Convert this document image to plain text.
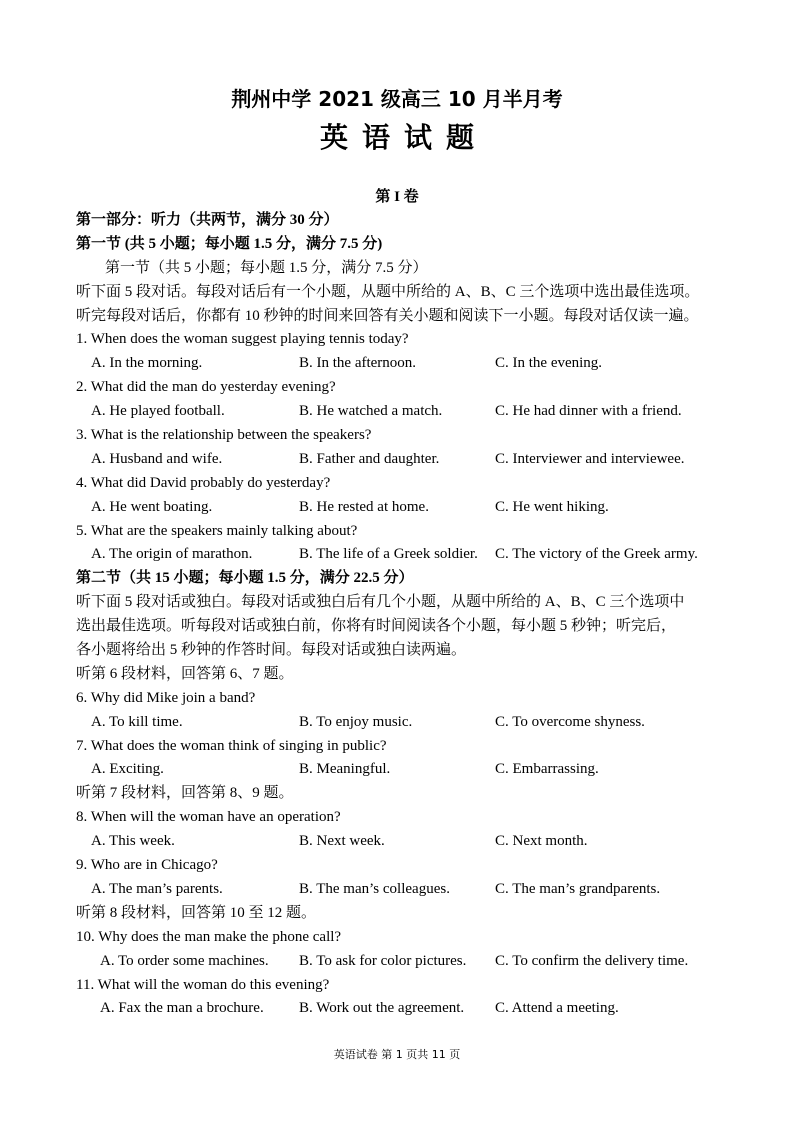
荆州中学 2021 级高三 10 月半月考
英语试题
第 I 卷
第一部分：听力（共两节，满分 30 分）
第一节 (共 5 小题；每小题 1.5 分，满分 7.5 分)
第一节（共 5 小题；每小题 1.5 分，满分 7.5 分）
听下面 5 段对话。每段对话后有一个小题，从题中所给的 A、B、C 三个选项中选出最佳选项。
听完每段对话后，你都有 10 秒钟的时间来回答有关小题和阅读下一小题。每段对话仅读一遍。
1. When does the woman suggest playing tennis today?
A. In the morning.	B. In the afternoon.	C. In the evening.
2. What did the man do yesterday evening?
A. He played football.	B. He watched a match.	C. He had dinner with a friend.
3. What is the relationship between the speakers?
A. Husband and wife.	B. Father and daughter.	C. Interviewer and interviewee.
4. What did David probably do yesterday?
A. He went boating.	B. He rested at home.	C. He went hiking.
5. What are the speakers mainly talking about?
A. The origin of marathon.	B. The life of a Greek soldier. C. The victory of the Greek army.
第二节（共 15 小题；每小题 1.5 分，满分 22.5 分）
听下面 5 段对话或独白。每段对话或独白后有几个小题，从题中所给的 A、B、C 三个选项中
选出最佳选项。听每段对话或独白前，你将有时间阅读各个小题，每小题 5 秒钟；听完后，
各小题将给出 5 秒钟的作答时间。每段对话或独白读两遍。
听第 6 段材料，回答第 6、7 题。
6. Why did Mike join a band?
A. To kill time.	B. To enjoy music.	C. To overcome shyness.
7. What does the woman think of singing in public?
A. Exciting.	B. Meaningful.	C. Embarrassing.
听第 7 段材料，回答第 8、9 题。
8. When will the woman have an operation?
A. This week.	B. Next week.	C. Next month.
9. Who are in Chicago?
A. The man’s parents.	B. The man’s colleagues.	C. The man’s grandparents.
听第 8 段材料，回答第 10 至 12 题。
10. Why does the man make the phone call?
A. To order some machines. B. To ask for color pictures. C. To confirm the delivery time.
11. What will the woman do this evening?
A. Fax the man a brochure. B. Work out the agreement. C. Attend a meeting.
英语试卷 第 1 页共 11 页
